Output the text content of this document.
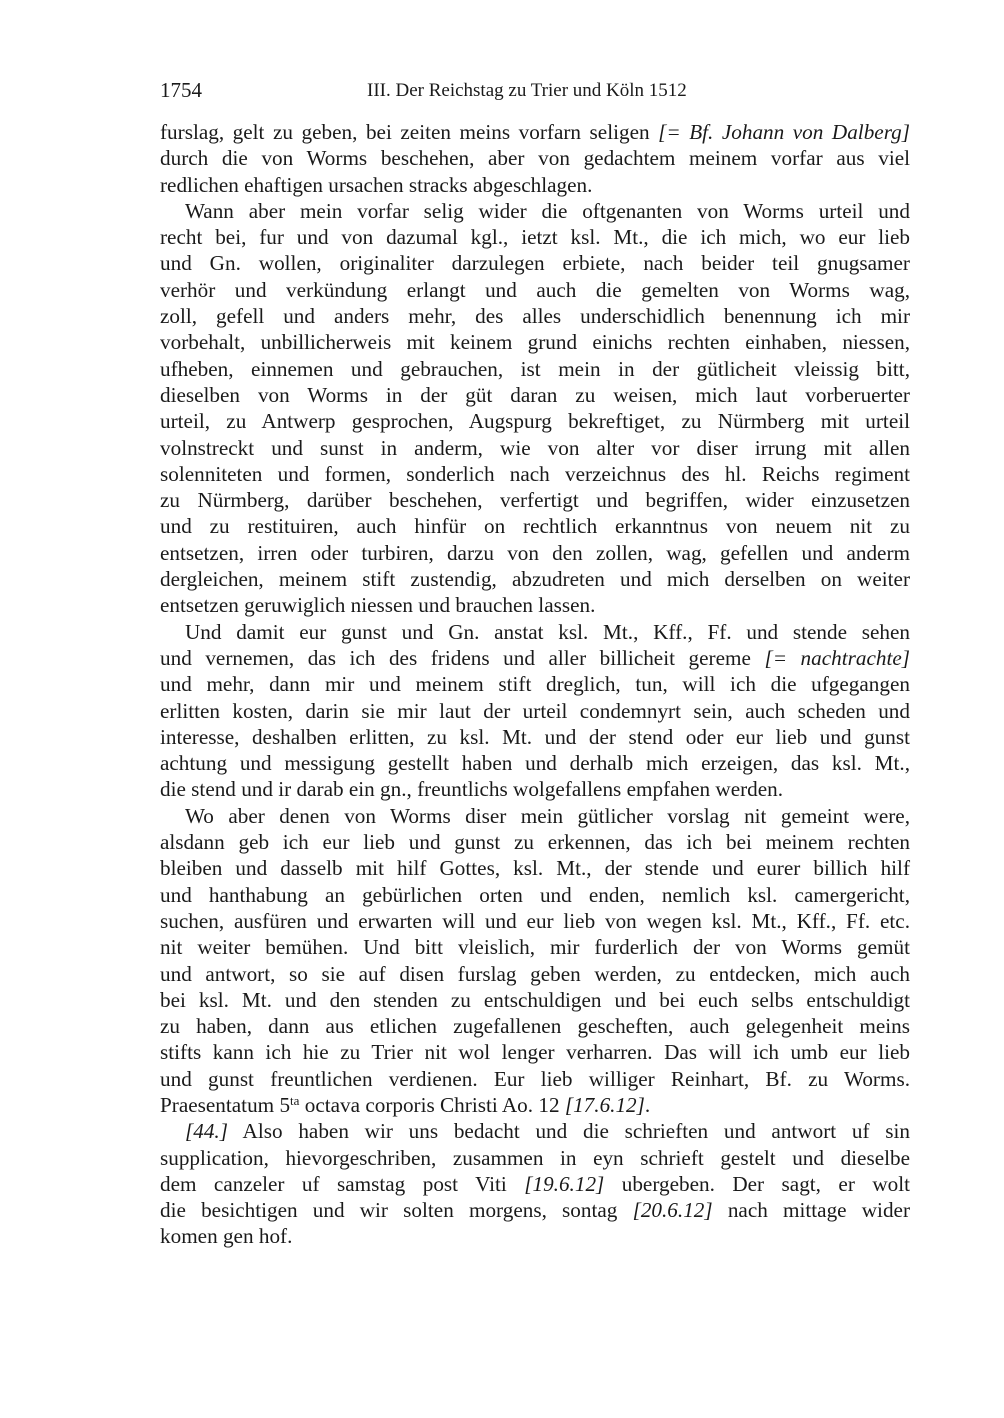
1754	III. Der Reichstag zu Trier und Köln 1512
furslag, gelt zu geben, bei zeiten meins vorfarn seligen [= Bf. Johann von Dalberg]
durch die von Worms beschehen, aber von gedachtem meinem vorfar aus viel
redlichen ehaftigen ursachen stracks abgeschlagen.
Wann aber mein vorfar selig wider die oftgenanten von Worms urteil und
recht bei, fur und von dazumal kgl., ietzt ksl. Mt., die ich mich, wo eur lieb
und Gn. wollen, originaliter darzulegen erbiete, nach beider teil gnugsamer
verhör und verkündung erlangt und auch die gemelten von Worms wag,
zoll, gefell und anders mehr, des alles underschidlich benennung ich mir
vorbehalt, unbillicherweis mit keinem grund einichs rechten einhaben, niessen,
ufheben, einnemen und gebrauchen, ist mein in der gütlicheit vleissig bitt,
dieselben von Worms in der güt daran zu weisen, mich laut vorberuerter
urteil, zu Antwerp gesprochen, Augspurg bekreftiget, zu Nürmberg mit urteil
volnstreckt und sunst in anderm, wie von alter vor diser irrung mit allen
solenniteten und formen, sonderlich nach verzeichnus des hl. Reichs regiment
zu Nürmberg, darüber beschehen, verfertigt und begriffen, wider einzusetzen
und zu restituiren, auch hinfür on rechtlich erkanntnus von neuem nit zu
entsetzen, irren oder turbiren, darzu von den zollen, wag, gefellen und anderm
dergleichen, meinem stift zustendig, abzudreten und mich derselben on weiter
entsetzen geruwiglich niessen und brauchen lassen.
Und damit eur gunst und Gn. anstat ksl. Mt., Kff., Ff. und stende sehen
und vernemen, das ich des fridens und aller billicheit gereme [= nachtrachte]
und mehr, dann mir und meinem stift dreglich, tun, will ich die ufgegangen
erlitten kosten, darin sie mir laut der urteil condemnyrt sein, auch scheden und
interesse, deshalben erlitten, zu ksl. Mt. und der stend oder eur lieb und gunst
achtung und messigung gestellt haben und derhalb mich erzeigen, das ksl. Mt.,
die stend und ir darab ein gn., freuntlichs wolgefallens empfahen werden.
Wo aber denen von Worms diser mein gütlicher vorslag nit gemeint were,
alsdann geb ich eur lieb und gunst zu erkennen, das ich bei meinem rechten
bleiben und dasselb mit hilf Gottes, ksl. Mt., der stende und eurer billich hilf
und hanthabung an gebürlichen orten und enden, nemlich ksl. camergericht,
suchen, ausfüren und erwarten will und eur lieb von wegen ksl. Mt., Kff., Ff. etc.
nit weiter bemühen. Und bitt vleislich, mir furderlich der von Worms gemüt
und antwort, so sie auf disen furslag geben werden, zu entdecken, mich auch
bei ksl. Mt. und den stenden zu entschuldigen und bei euch selbs entschuldigt
zu haben, dann aus etlichen zugefallenen gescheften, auch gelegenheit meins
stifts kann ich hie zu Trier nit wol lenger verharren. Das will ich umb eur lieb
und gunst freuntlichen verdienen. Eur lieb williger Reinhart, Bf. zu Worms.
Praesentatum $5^{ta}$ octava corporis Christi Ao. 12 [17.6.12].
[44.] Also haben wir uns bedacht und die schrieften und antwort uf sin
supplication, hievorgeschriben, zusammen in eyn schrieft gestelt und dieselbe
dem canzeler uf samstag post Viti [19.6.12] ubergeben. Der sagt, er wolt
die besichtigen und wir solten morgens, sontag [20.6.12] nach mittage wider
komen gen hof.
